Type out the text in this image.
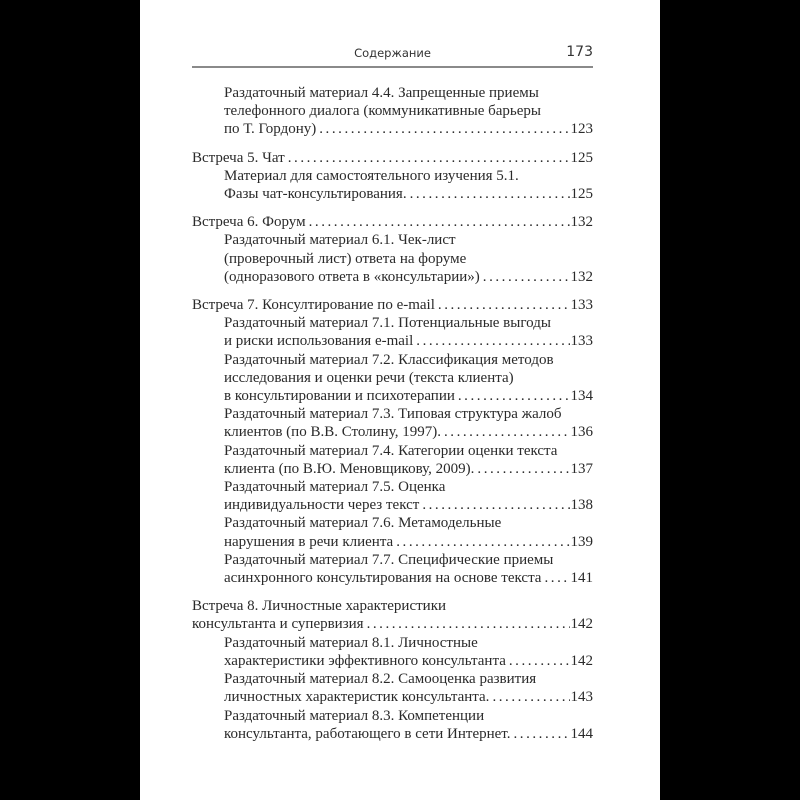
Содержание	173
Раздаточный материал 4.4. Запрещенные приемы
телефонного диалога (коммуникативные барьеры
по Т. Гордону) . . .	123
Встреча 5. Чат . . .	125
Материал для самостоятельного изучения 5.1.
Фазы чат-консультирования. . . .	125
Встреча 6. Форум . . .	132
Раздаточный материал 6.1. Чек-лист
(проверочный лист) ответа на форуме
(одноразового ответа в «консультарии») . . .	132
Встреча 7. Консултирование по e-mail . . .	133
Раздаточный материал 7.1. Потенциальные выгоды
и риски использования e-mail . . .	133
Раздаточный материал 7.2. Классификация методов
исследования и оценки речи (текста клиента)
в консультировании и психотерапии . . .	134
Раздаточный материал 7.3. Типовая структура жалоб
клиентов (по В.В. Столину, 1997). . . .	136
Раздаточный материал 7.4. Категории оценки текста
клиента (по В.Ю. Меновщикову, 2009). . . .	137
Раздаточный материал 7.5. Оценка
индивидуальности через текст . . .	138
Раздаточный материал 7.6. Метамодельные
нарушения в речи клиента . . .	139
Раздаточный материал 7.7. Специфические приемы
асинхронного консультирования на основе текста . . . 141
Встреча 8. Личностные характеристики
консультанта и супервизия . . .	142
Раздаточный материал 8.1. Личностные
характеристики эффективного консультанта . . .	142
Раздаточный материал 8.2. Самооценка развития
личностных характеристик консультанта. . . .	143
Раздаточный материал 8.3. Компетенции
консультанта, работающего в сети Интернет. . . .	144
